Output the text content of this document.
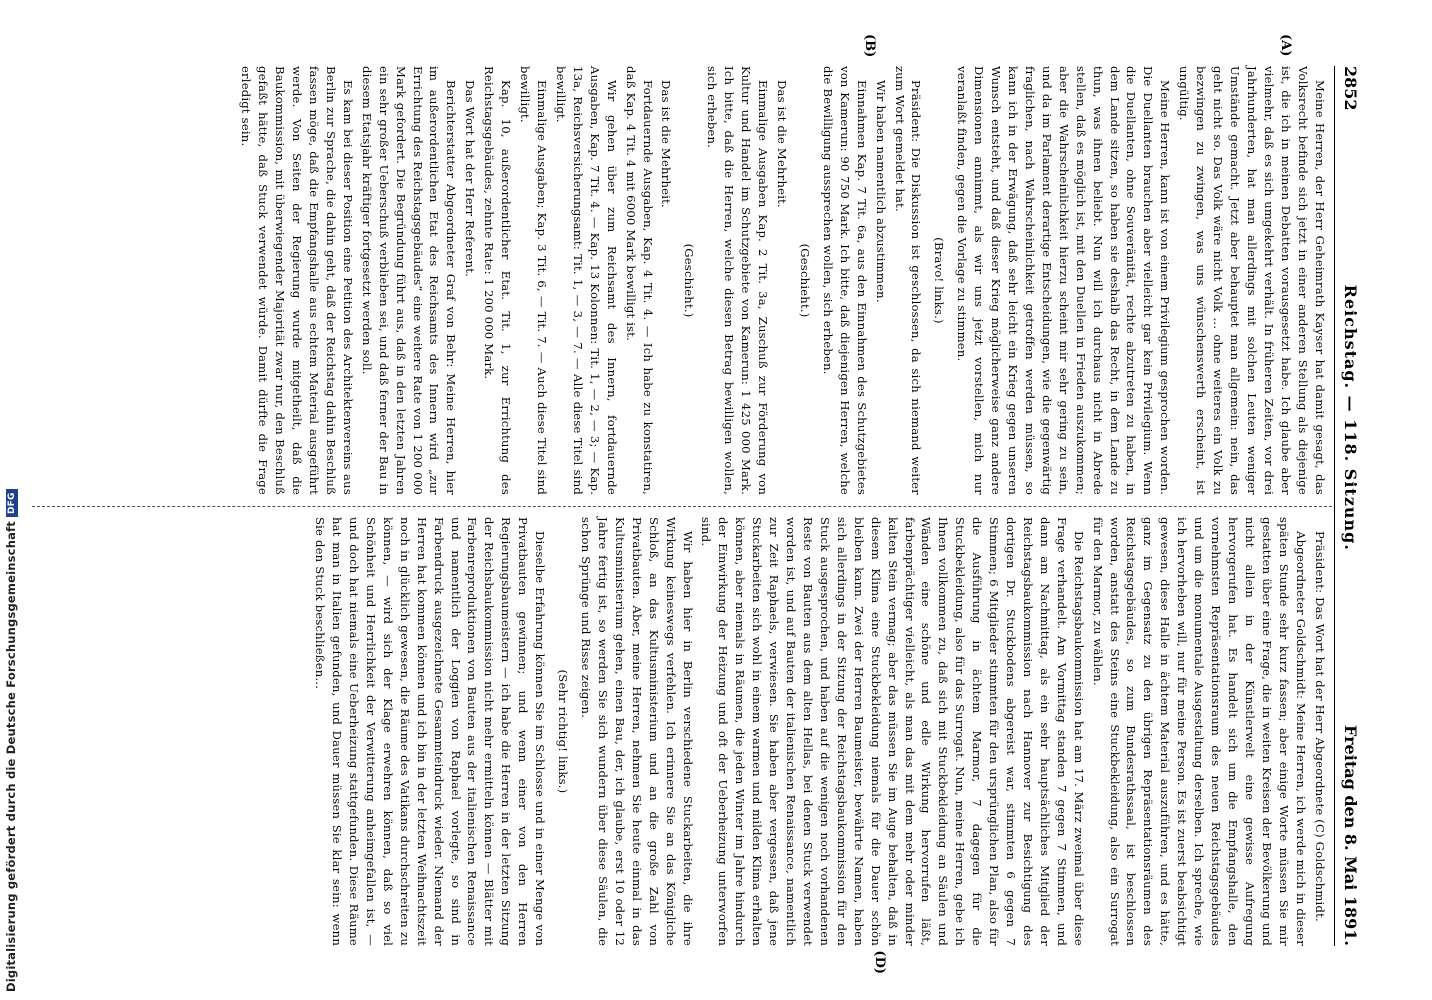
2852
Reichstag. — 118. Sitzung.
Freitag den 8. Mai 1891.
(A)
(B)
(D)

Meine Herren, der Herr Geheimrath Kayser hat damit gesagt, das Volksrecht befinde sich jetzt in einer anderen Stellung als diejenige ist, die ich in meinen Debatten vorausgesetzt habe. Ich glaube aber vielmehr, daß es sich umgekehrt verhält. In früheren Zeiten, vor drei Jahrhunderten, hat man allerdings mit solchen Leuten weniger Umstände gemacht. Jetzt aber behauptet man allgemein: nein, das geht nicht so. Das Volk wäre nicht Volk ... ohne weiteres ein Volk zu bezwingen zu zwingen, was uns wünschenswerth erscheint, ist ungültig.

Meine Herren, kann ist von einem Privilegium gesprochen worden. Die Duellanten brauchen aber vielleicht gar kein Privilegium. Wenn die Duellanten, ohne Souveränität, rechte abzutreten zu haben, in dem Lande sitzen, so haben sie deshalb das Recht, in dem Lande zu thun, was ihnen beliebt. Nun will ich durchaus nicht in Abrede stellen, daß es möglich ist, mit den Duellen in Frieden auszukommen; aber die Wahrscheinlichkeit hierzu scheint mir sehr gering zu sein, und da im Parlament derartige Entscheidungen, wie die gegenwärtig fraglichen, nach Wahrscheinlichkeit getroffen werden müssen, so kann ich in der Erwägung, daß sehr leicht ein Krieg gegen unseren Wunsch entsteht, und daß dieser Krieg möglicherweise ganz andere Dimensionen annimmt, als wir uns jetzt vorstellen, mich nur veranlaßt finden, gegen die Vorlage zu stimmen.

(Bravo! links.)

Präsident: Die Diskussion ist geschlossen, da sich niemand weiter zum Wort gemeldet hat.

Wir haben namentlich abzustimmen.

Einnahmen Kap. 7 Tit. 6a, aus den Einnahmen des Schutzgebietes von Kamerun: 90 750 Mark. Ich bitte, daß diejenigen Herren, welche die Bewilligung aussprechen wollen, sich erheben.

(Geschieht.)

Das ist die Mehrheit.

Einmalige Ausgaben Kap. 2 Tit. 3a, Zuschuß zur Förderung von Kultur und Handel im Schutzgebiete von Kamerun: 1 425 000 Mark. Ich bitte, daß die Herren, welche diesen Betrag bewilligen wollen, sich erheben.

(Geschieht.)

Das ist die Mehrheit.

Fortdauernde Ausgaben, Kap. 4 Tit. 4. — Ich habe zu konstatiren, daß Kap. 4 Tit. 4 mit 6000 Mark bewilligt ist.

Wir gehen über zum Reichsamt des Innern, fortdauernde Ausgaben, Kap. 7 Tit. 4. — Kap. 13 Kolonnen: Tit. 1, — 2, — 3; — Kap. 13a, Reichsversicherungsamt: Tit. 1, — 3, — 7. — Alle diese Titel sind bewilligt.

Einmalige Ausgaben; Kap. 3 Tit. 6, — Tit. 7. — Auch diese Titel sind bewilligt.

Kap. 10, außerordentlicher Etat. Tit. 1, zur Errichtung des Reichstagsgebäudes, zehnte Rate: 1 200 000 Mark.

Das Wort hat der Herr Referent.

Berichterstatter Abgeordneter Graf von Behr: Meine Herren, hier im außerordentlichen Etat des Reichsamts des Innern wird „zur Errichtung des Reichstagsgebäudes“ eine weitere Rate von 1 200 000 Mark gefordert. Die Begründung führt aus, daß in den letzten Jahren ein sehr großer Ueberschuß verblieben sei, und daß ferner der Bau in diesem Etatsjahr kräftiger fortgesetzt werden soll.

Es kam bei dieser Position eine Petition des Architektenvereins aus Berlin zur Sprache, die dahin geht, daß der Reichstag dahin Beschluß fassen möge, daß die Empfangshalle aus echtem Material ausgeführt werde. Von Seiten der Regierung wurde mitgetheilt, daß die Baukommission, mit überwiegender Majorität zwar nur, den Beschluß gefaßt hätte, daß Stuck verwendet würde. Damit dürfte die Frage erledigt sein.

Präsident: Das Wort hat der Herr Abgeordnete (C) Goldschmidt.

Abgeordneter Goldschmidt: Meine Herren, ich werde mich in dieser späten Stunde sehr kurz fassen; aber einige Worte müssen Sie mir gestatten über eine Frage, die in weiten Kreisen der Bevölkerung und nicht allein in der Künstlerwelt eine gewisse Aufregung hervorgerufen hat. Es handelt sich um die Empfangshalle, den vornehmsten Repräsentationsraum des neuen Reichstagsgebäudes und um die monumentale Ausgestaltung derselben. Ich spreche, wie ich hervorheben will, nur für meine Person. Es ist zuerst beabsichtigt gewesen, diese Halle in ächtem Material auszuführen, und es hätte, ganz im Gegensatz zu den übrigen Repräsentationsräumen des Reichstagsgebäudes, so zum Bundesrathssaal, ist beschlossen worden, anstatt des Steins eine Stuckbekleidung, also ein Surrogat für den Marmor, zu wählen.

Die Reichstagsbaukommission hat am 17. März zweimal über diese Frage verhandelt. Am Vormittag standen 7 gegen 7 Stimmen, und dann am Nachmittag, als ein sehr hauptsächliches Mitglied der Reichstagsbaukommission nach Hannover zur Besichtigung des dortigen Dr. Stuckbodens abgereist war, stimmten 6 gegen 7 Stimmen; 6 Mitglieder stimmten für den ursprünglichen Plan, also für die Ausführung in ächtem Marmor, 7 dagegen für die Stuckbekleidung, also für das Surrogat. Nun, meine Herren, gebe ich Ihnen vollkommen zu, daß sich mit Stuckbekleidung an Säulen und Wänden eine schöne und edle Wirkung hervorrufen läßt, farbenprächtiger vielleicht, als man das mit dem mehr oder minder kalten Stein vermag; aber das müssen Sie im Auge behalten, daß in diesem Klima eine Stuckbekleidung niemals für die Dauer schön bleiben kann. Zwei der Herren Baumeister, bewährte Namen, haben sich allerdings in der Sitzung der Reichstagsbaukommission für den Stuck ausgesprochen, und haben auf die wenigen noch vorhandenen Reste von Bauten aus dem alten Hellas, bei denen Stuck verwendet worden ist, und auf Bauten der italienischen Renaissance, namentlich zur Zeit Raphaels, verwiesen. Sie haben aber vergessen, daß jene Stuckarbeiten sich wohl in einem warmen und milden Klima erhalten können, aber niemals in Räumen, die jeden Winter im Jahre hindurch der Einwirkung der Heizung und oft der Ueberheizung unterworfen sind.

Wir haben hier in Berlin verschiedene Stuckarbeiten, die ihre Wirkung keineswegs verfehlen. Ich erinnere Sie an das Königliche Schloß, an das Kultusministerium und an die große Zahl von Privatbauten. Aber, meine Herren, nehmen Sie heute einmal in das Kultusministerium gehen, einen Bau, der, ich glaube, erst 10 oder 12 Jahre fertig ist, so werden Sie sich wundern über diese Säulen, die schon Sprünge und Risse zeigen.

(Sehr richtig! links.)

Dieselbe Erfahrung können Sie im Schlosse und in einer Menge von Privatbauten gewinnen; und wenn einer von den Herren Regierungsbaumeistern — ich habe die Herren in der letzten Sitzung der Reichsbaukommission nicht mehr ermitteln können — Blätter mit Farbenreproduktionen von Bauten aus der italienischen Renaissance und namentlich der Loggien von Raphael vorlegte, so sind in Farbendruck ausgezeichnete Gesammteindruck wieder. Niemand der Herren hat kommen können und ich bin in der letzten Weihnachtszeit noch in glücklich gewesen, die Räume des Vatikans durchschreiten zu können, — wird sich der Klage erwehren können, daß so viel Schönheit und Herrlichkeit der Verwitterung anheimgefallen ist, — und doch hat niemals eine Ueberheizung stattgefunden. Diese Räume hat man in Italien gefunden, und Dauer müssen Sie klar sein: wenn Sie den Stuck beschließen...

Digitalisierung gefördert durch die Deutsche ForschungsgemeinschaftDFG
